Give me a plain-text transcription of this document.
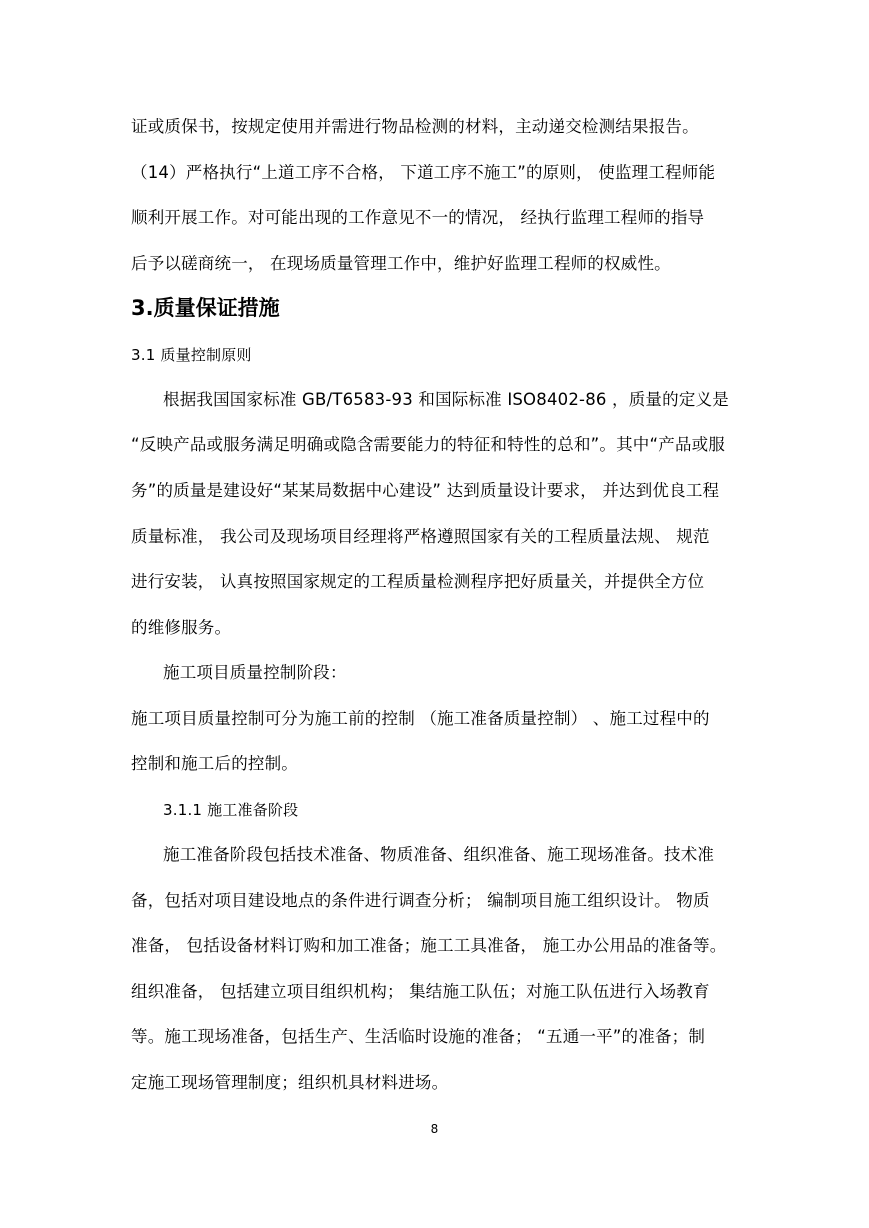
证或质保书，按规定使用并需进行物品检测的材料，主动递交检测结果报告。
（14）严格执行“上道工序不合格， 下道工序不施工”的原则， 使监理工程师能
顺利开展工作。对可能出现的工作意见不一的情况， 经执行监理工程师的指导
后予以磋商统一， 在现场质量管理工作中，维护好监理工程师的权威性。
3.质量保证措施
3.1 质量控制原则
根据我国国家标准 GB/T6583-93 和国际标准 ISO8402-86 ，质量的定义是
“反映产品或服务满足明确或隐含需要能力的特征和特性的总和”。其中“产品或服
务”的质量是建设好“某某局数据中心建设” 达到质量设计要求， 并达到优良工程
质量标准， 我公司及现场项目经理将严格遵照国家有关的工程质量法规、 规范
进行安装， 认真按照国家规定的工程质量检测程序把好质量关，并提供全方位
的维修服务。
施工项目质量控制阶段：
施工项目质量控制可分为施工前的控制 （施工准备质量控制） 、施工过程中的
控制和施工后的控制。
3.1.1 施工准备阶段
施工准备阶段包括技术准备、物质准备、组织准备、施工现场准备。技术准
备，包括对项目建设地点的条件进行调查分析； 编制项目施工组织设计。 物质
准备， 包括设备材料订购和加工准备；施工工具准备， 施工办公用品的准备等。
组织准备， 包括建立项目组织机构； 集结施工队伍；对施工队伍进行入场教育
等。施工现场准备，包括生产、生活临时设施的准备； “五通一平”的准备；制
定施工现场管理制度；组织机具材料进场。
8
